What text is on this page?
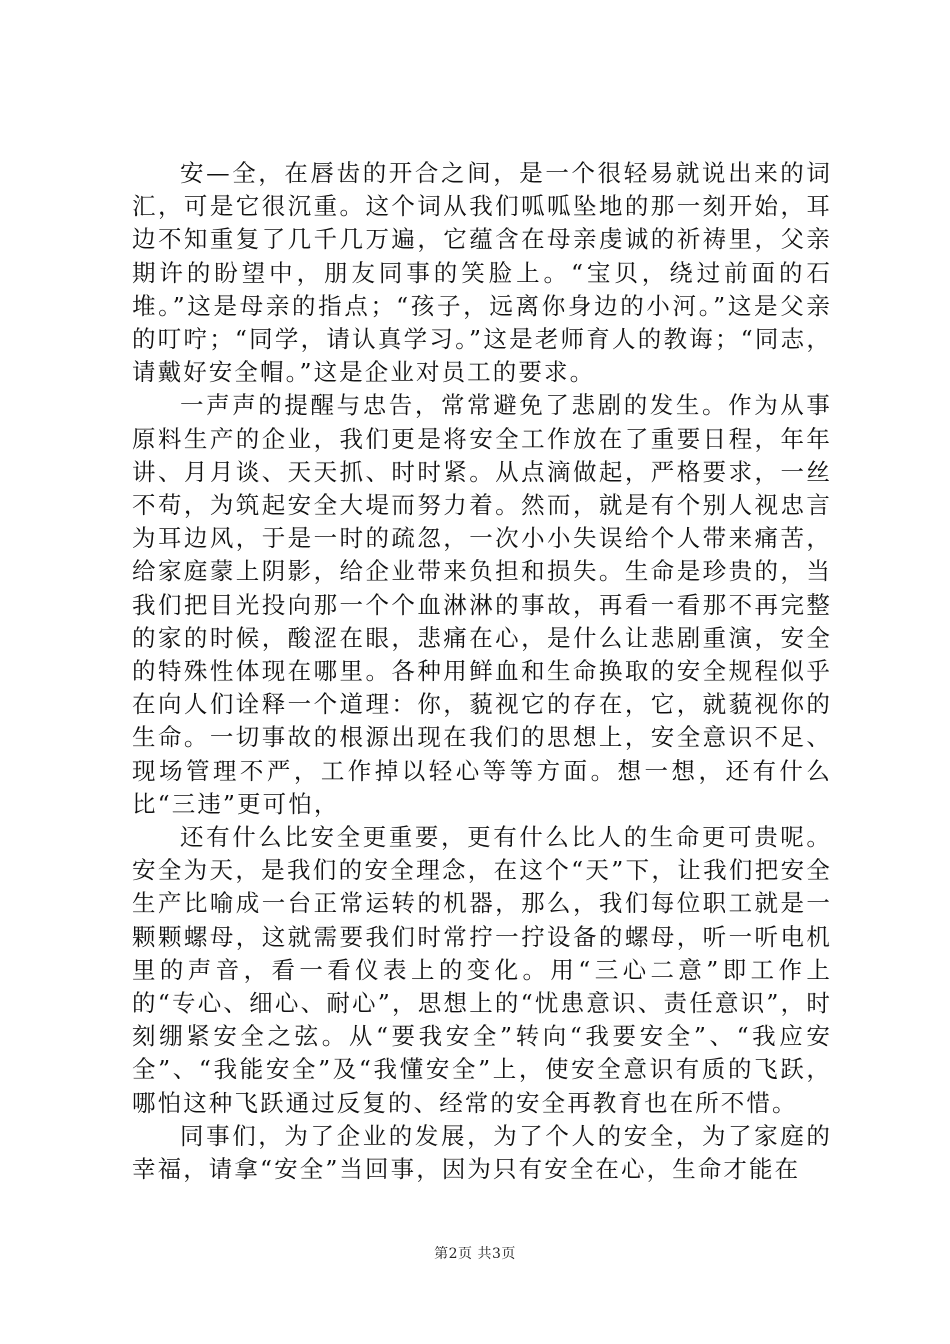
安—全，在唇齿的开合之间，是一个很轻易就说出来的词汇，可是它很沉重。这个词从我们呱呱坠地的那一刻开始，耳边不知重复了几千几万遍，它蕴含在母亲虔诚的祈祷里，父亲期许的盼望中，朋友同事的笑脸上。“宝贝，绕过前面的石堆。”这是母亲的指点；“孩子，远离你身边的小河。”这是父亲的叮咛；“同学，请认真学习。”这是老师育人的教诲；“同志，请戴好安全帽。”这是企业对员工的要求。

一声声的提醒与忠告，常常避免了悲剧的发生。作为从事原料生产的企业，我们更是将安全工作放在了重要日程，年年讲、月月谈、天天抓、时时紧。从点滴做起，严格要求，一丝不苟，为筑起安全大堤而努力着。然而，就是有个别人视忠言为耳边风，于是一时的疏忽，一次小小失误给个人带来痛苦，给家庭蒙上阴影，给企业带来负担和损失。生命是珍贵的，当我们把目光投向那一个个血淋淋的事故，再看一看那不再完整的家的时候，酸涩在眼，悲痛在心，是什么让悲剧重演，安全的特殊性体现在哪里。各种用鲜血和生命换取的安全规程似乎在向人们诠释一个道理：你，藐视它的存在，它，就藐视你的生命。一切事故的根源出现在我们的思想上，安全意识不足、现场管理不严，工作掉以轻心等等方面。想一想，还有什么比“三违”更可怕，

还有什么比安全更重要，更有什么比人的生命更可贵呢。安全为天，是我们的安全理念，在这个“天”下，让我们把安全生产比喻成一台正常运转的机器，那么，我们每位职工就是一颗颗螺母，这就需要我们时常拧一拧设备的螺母，听一听电机里的声音，看一看仪表上的变化。用“三心二意”即工作上的“专心、细心、耐心”，思想上的“忧患意识、责任意识”，时刻绷紧安全之弦。从“要我安全”转向“我要安全”、“我应安全”、“我能安全”及“我懂安全”上，使安全意识有质的飞跃，哪怕这种飞跃通过反复的、经常的安全再教育也在所不惜。

同事们，为了企业的发展，为了个人的安全，为了家庭的幸福，请拿“安全”当回事，因为只有安全在心，生命才能在

第2页 共3页
